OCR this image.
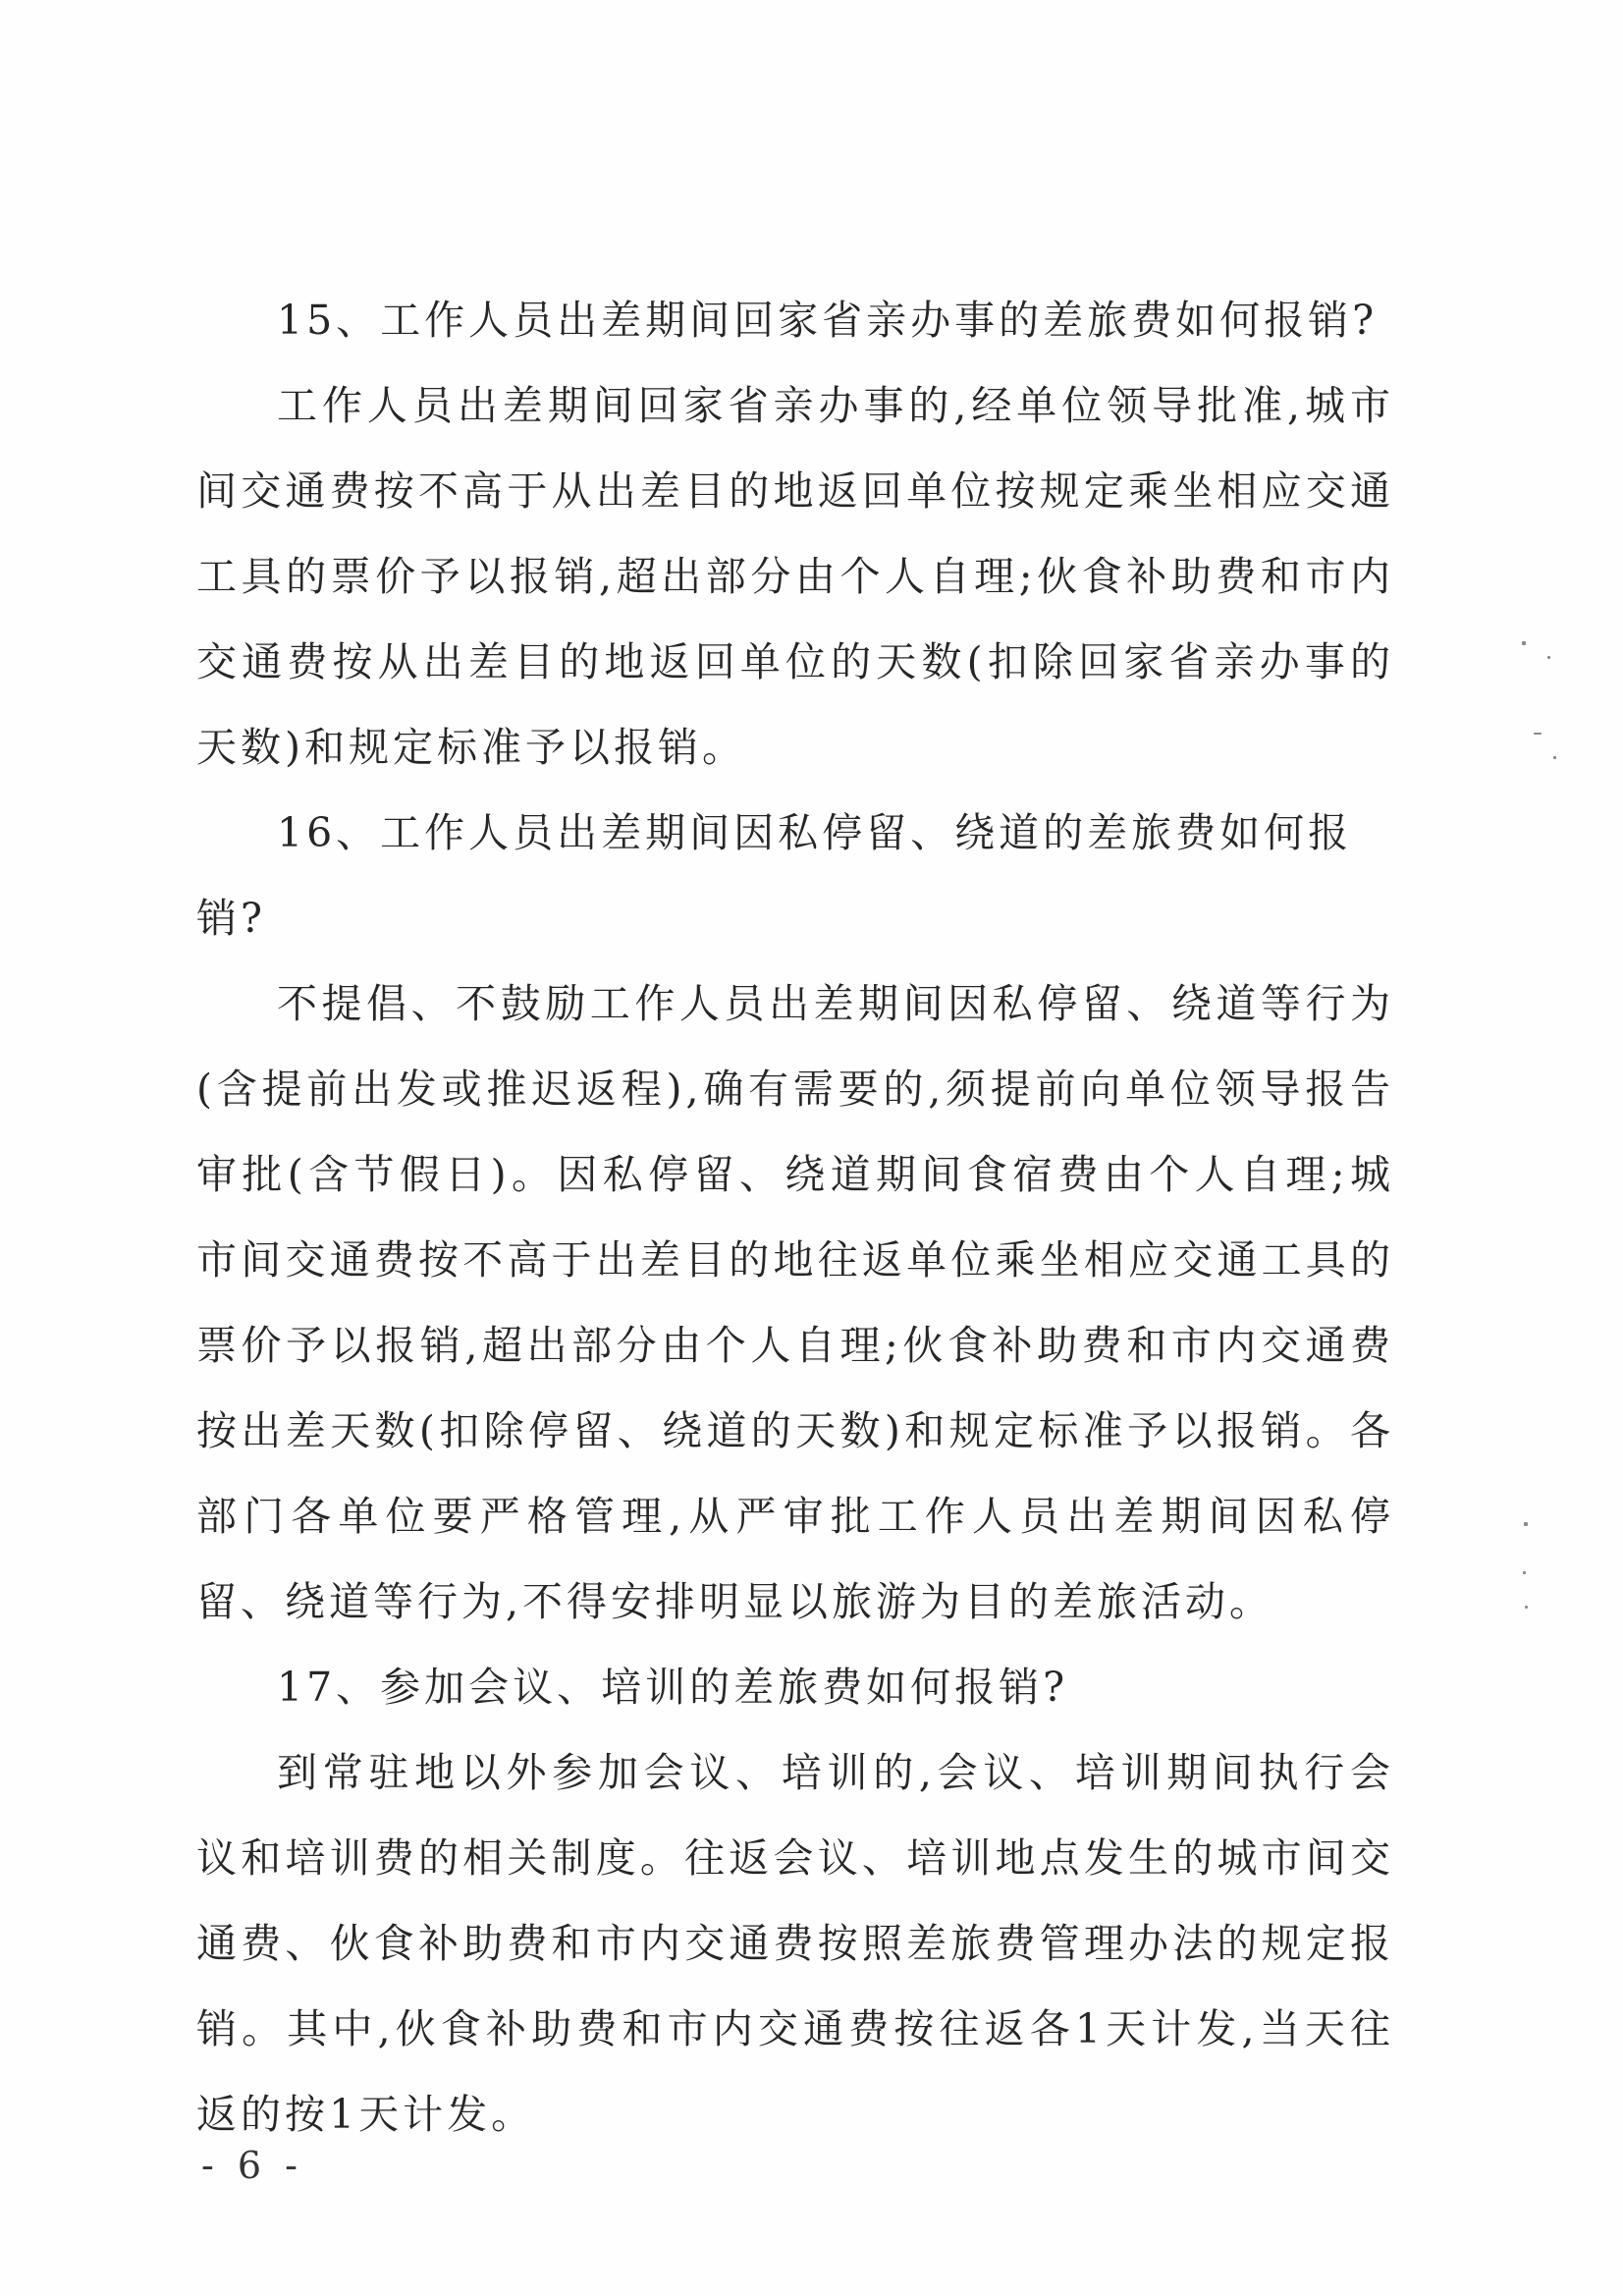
15、工作人员出差期间回家省亲办事的差旅费如何报销?

工作人员出差期间回家省亲办事的,经单位领导批准,城市间交通费按不高于从出差目的地返回单位按规定乘坐相应交通工具的票价予以报销,超出部分由个人自理;伙食补助费和市内交通费按从出差目的地返回单位的天数(扣除回家省亲办事的天数)和规定标准予以报销。

16、工作人员出差期间因私停留、绕道的差旅费如何报销?

不提倡、不鼓励工作人员出差期间因私停留、绕道等行为(含提前出发或推迟返程),确有需要的,须提前向单位领导报告审批(含节假日)。因私停留、绕道期间食宿费由个人自理;城市间交通费按不高于出差目的地往返单位乘坐相应交通工具的票价予以报销,超出部分由个人自理;伙食补助费和市内交通费按出差天数(扣除停留、绕道的天数)和规定标准予以报销。各部门各单位要严格管理,从严审批工作人员出差期间因私停留、绕道等行为,不得安排明显以旅游为目的差旅活动。

17、参加会议、培训的差旅费如何报销?

到常驻地以外参加会议、培训的,会议、培训期间执行会议和培训费的相关制度。往返会议、培训地点发生的城市间交通费、伙食补助费和市内交通费按照差旅费管理办法的规定报销。其中,伙食补助费和市内交通费按往返各1天计发,当天往返的按1天计发。

- 6 -
